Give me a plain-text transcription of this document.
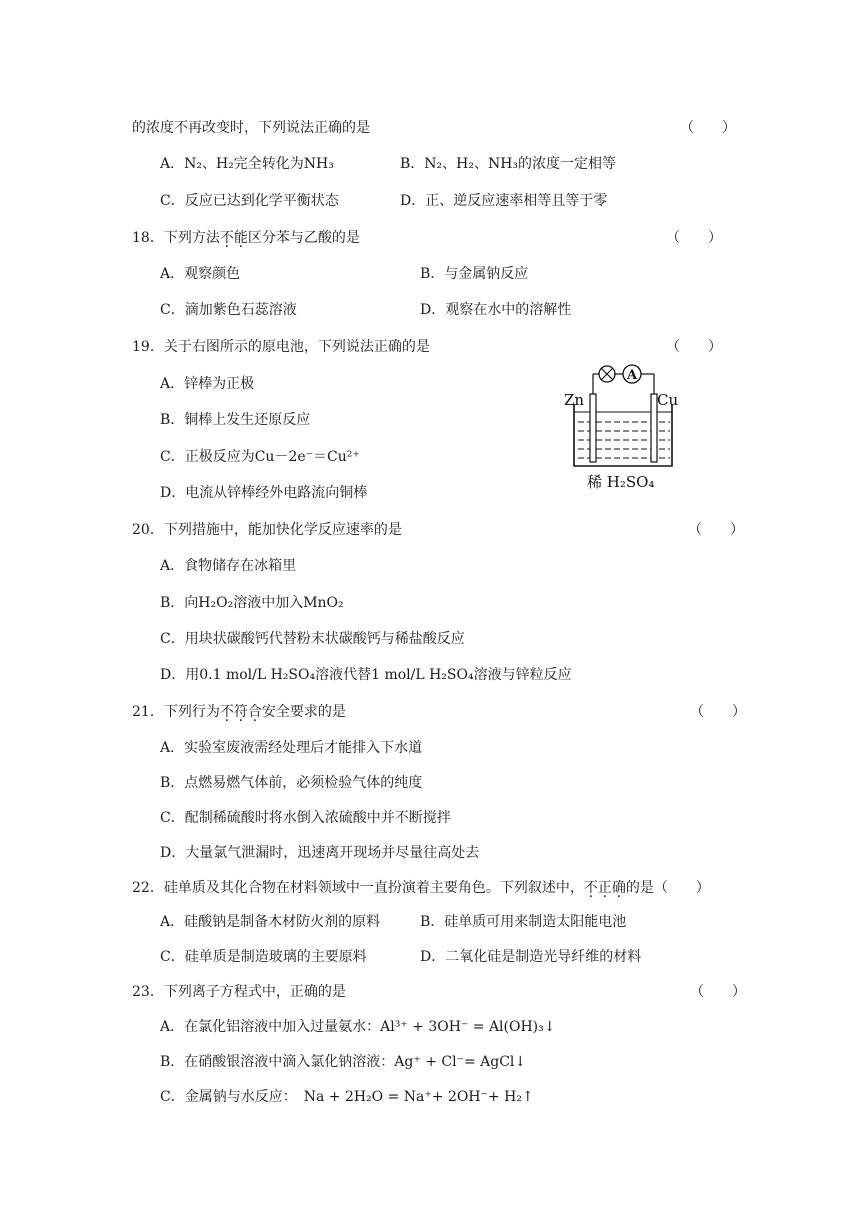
的浓度不再改变时，下列说法正确的是	（　　）
A．N₂、H₂完全转化为NH₃	B．N₂、H₂、NH₃的浓度一定相等
C．反应已达到化学平衡状态	D．正、逆反应速率相等且等于零
18．下列方法不能区分苯与乙酸的是	（　　）
A．观察颜色	B．与金属钠反应
C．滴加紫色石蕊溶液	D．观察在水中的溶解性
19．关于右图所示的原电池，下列说法正确的是	（　　）
A．锌棒为正极
B．铜棒上发生还原反应
C．正极反应为Cu－2e⁻＝Cu²⁺
D．电流从锌棒经外电路流向铜棒
A
Zn	Cu
稀 H₂SO₄
20．下列措施中，能加快化学反应速率的是	（　　）
A．食物储存在冰箱里
B．向H₂O₂溶液中加入MnO₂
C．用块状碳酸钙代替粉末状碳酸钙与稀盐酸反应
D．用0.1 mol/L H₂SO₄溶液代替1 mol/L H₂SO₄溶液与锌粒反应
21．下列行为不符合安全要求的是	（　　）
A．实验室废液需经处理后才能排入下水道
B．点燃易燃气体前，必须检验气体的纯度
C．配制稀硫酸时将水倒入浓硫酸中并不断搅拌
D．大量氯气泄漏时，迅速离开现场并尽量往高处去
22．硅单质及其化合物在材料领域中一直扮演着主要角色。下列叙述中，不正确的是（　　）
A．硅酸钠是制备木材防火剂的原料	B．硅单质可用来制造太阳能电池
C．硅单质是制造玻璃的主要原料	D．二氧化硅是制造光导纤维的材料
23．下列离子方程式中，正确的是	（　　）
A．在氯化铝溶液中加入过量氨水：Al³⁺ + 3OH⁻ = Al(OH)₃↓
B．在硝酸银溶液中滴入氯化钠溶液：Ag⁺ + Cl⁻= AgCl↓
C．金属钠与水反应：　Na + 2H₂O = Na⁺+ 2OH⁻+ H₂↑
